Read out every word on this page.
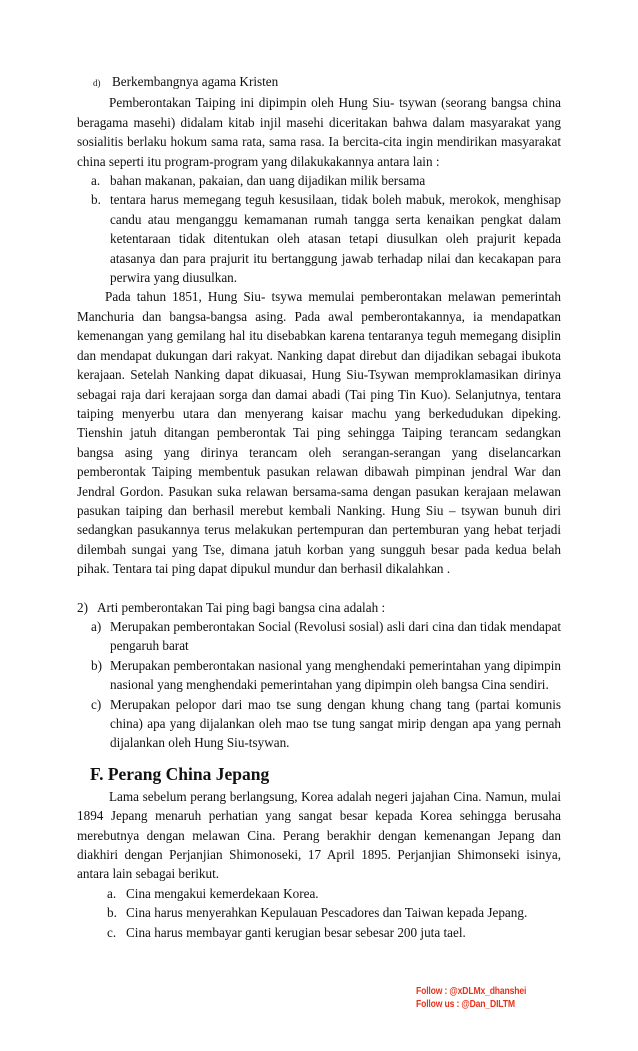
d) Berkembangnya agama Kristen

Pemberontakan Taiping ini dipimpin oleh Hung Siu- tsywan (seorang bangsa china beragama masehi) didalam kitab injil masehi diceritakan bahwa dalam masyarakat yang sosialitis berlaku hokum sama rata, sama rasa. Ia bercita-cita ingin mendirikan masyarakat china seperti itu program-program yang dilakukakannya antara lain :

a. bahan makanan, pakaian, dan uang dijadikan milik bersama
b. tentara harus memegang teguh kesusilaan, tidak boleh mabuk, merokok, menghisap candu atau menganggu kemamanan rumah tangga serta kenaikan pengkat dalam ketentaraan tidak ditentukan oleh atasan tetapi diusulkan oleh prajurit kepada atasanya dan para prajurit itu bertanggung jawab terhadap nilai dan kecakapan para perwira yang diusulkan.

Pada tahun 1851, Hung Siu- tsywa memulai pemberontakan melawan pemerintah Manchuria dan bangsa-bangsa asing. Pada awal pemberontakannya, ia mendapatkan kemenangan yang gemilang hal itu disebabkan karena tentaranya teguh memegang disiplin dan mendapat dukungan dari rakyat. Nanking dapat direbut dan dijadikan sebagai ibukota kerajaan. Setelah Nanking dapat dikuasai, Hung Siu-Tsywan memproklamasikan dirinya sebagai raja dari kerajaan sorga dan damai abadi (Tai ping Tin Kuo). Selanjutnya, tentara taiping menyerbu utara dan menyerang kaisar machu yang berkedudukan dipeking. Tienshin jatuh ditangan pemberontak Tai ping sehingga Taiping terancam sedangkan bangsa asing yang dirinya terancam oleh serangan-serangan yang diselancarkan pemberontak Taiping membentuk pasukan relawan dibawah pimpinan jendral War dan Jendral Gordon. Pasukan suka relawan bersama-sama dengan pasukan kerajaan melawan pasukan taiping dan berhasil merebut kembali Nanking. Hung Siu – tsywan bunuh diri sedangkan pasukannya terus melakukan pertempuran dan pertemburan yang hebat terjadi dilembah sungai yang Tse, dimana jatuh korban yang sungguh besar pada kedua belah pihak. Tentara tai ping dapat dipukul mundur dan berhasil dikalahkan .

2) Arti pemberontakan Tai ping bagi bangsa cina adalah :
a) Merupakan pemberontakan Social (Revolusi sosial) asli dari cina dan tidak mendapat pengaruh barat
b) Merupakan pemberontakan nasional yang menghendaki pemerintahan yang dipimpin nasional yang menghendaki pemerintahan yang dipimpin oleh bangsa Cina sendiri.
c) Merupakan pelopor dari mao tse sung dengan khung chang tang (partai komunis china) apa yang dijalankan oleh mao tse tung sangat mirip dengan apa yang pernah dijalankan oleh Hung Siu-tsywan.
F. Perang China Jepang

Lama sebelum perang berlangsung, Korea adalah negeri jajahan Cina. Namun, mulai 1894 Jepang menaruh perhatian yang sangat besar kepada Korea sehingga berusaha merebutnya dengan melawan Cina. Perang berakhir dengan kemenangan Jepang dan diakhiri dengan Perjanjian Shimonoseki, 17 April 1895. Perjanjian Shimonseki isinya, antara lain sebagai berikut.

a. Cina mengakui kemerdekaan Korea.
b. Cina harus menyerahkan Kepulauan Pescadores dan Taiwan kepada Jepang.
c. Cina harus membayar ganti kerugian besar sebesar 200 juta tael.
Follow : @xDLMx_dhanshei
Follow us : @Dan_DILTM
